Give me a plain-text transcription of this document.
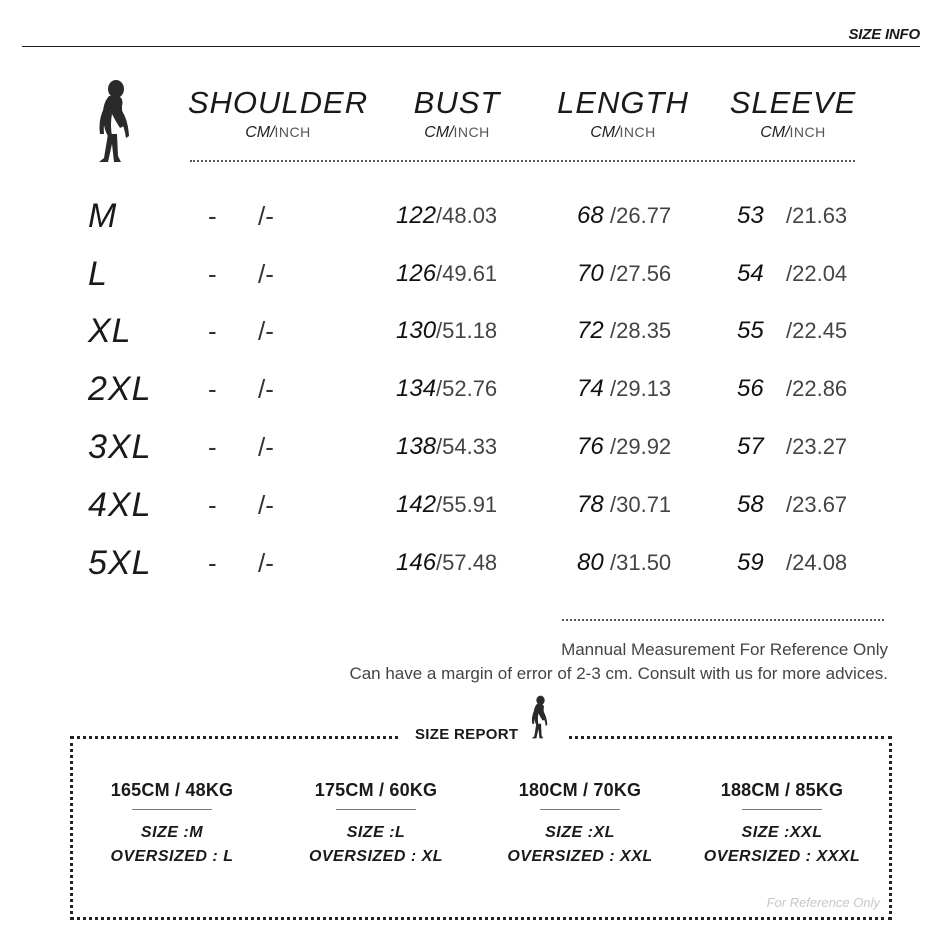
SIZE INFO
SHOULDER
CM/INCH
BUST
CM/INCH
LENGTH
CM/INCH
SLEEVE
CM/INCH
M	- /-	122 /48.03	68 /26.77	53 /21.63
L	- /-	126 /49.61	70 /27.56	54 /22.04
XL	- /-	130 /51.18	72 /28.35	55 /22.45
2XL - /-	134 /52.76	74 /29.13	56 /22.86
3XL - /-	138 /54.33	76 /29.92	57 /23.27
4XL - /-	142 /55.91	78 /30.71	58 /23.67
5XL - /-	146 /57.48	80 /31.50	59 /24.08
Mannual Measurement For Reference Only
Can have a margin of error of 2-3 cm. Consult with us for more advices.
SIZE REPORT
165CM / 48KG
SIZE :M
OVERSIZED : L
175CM / 60KG
SIZE :L
OVERSIZED : XL
180CM / 70KG
SIZE :XL
OVERSIZED : XXL
188CM / 85KG
SIZE :XXL
OVERSIZED : XXXL
For Reference Only
